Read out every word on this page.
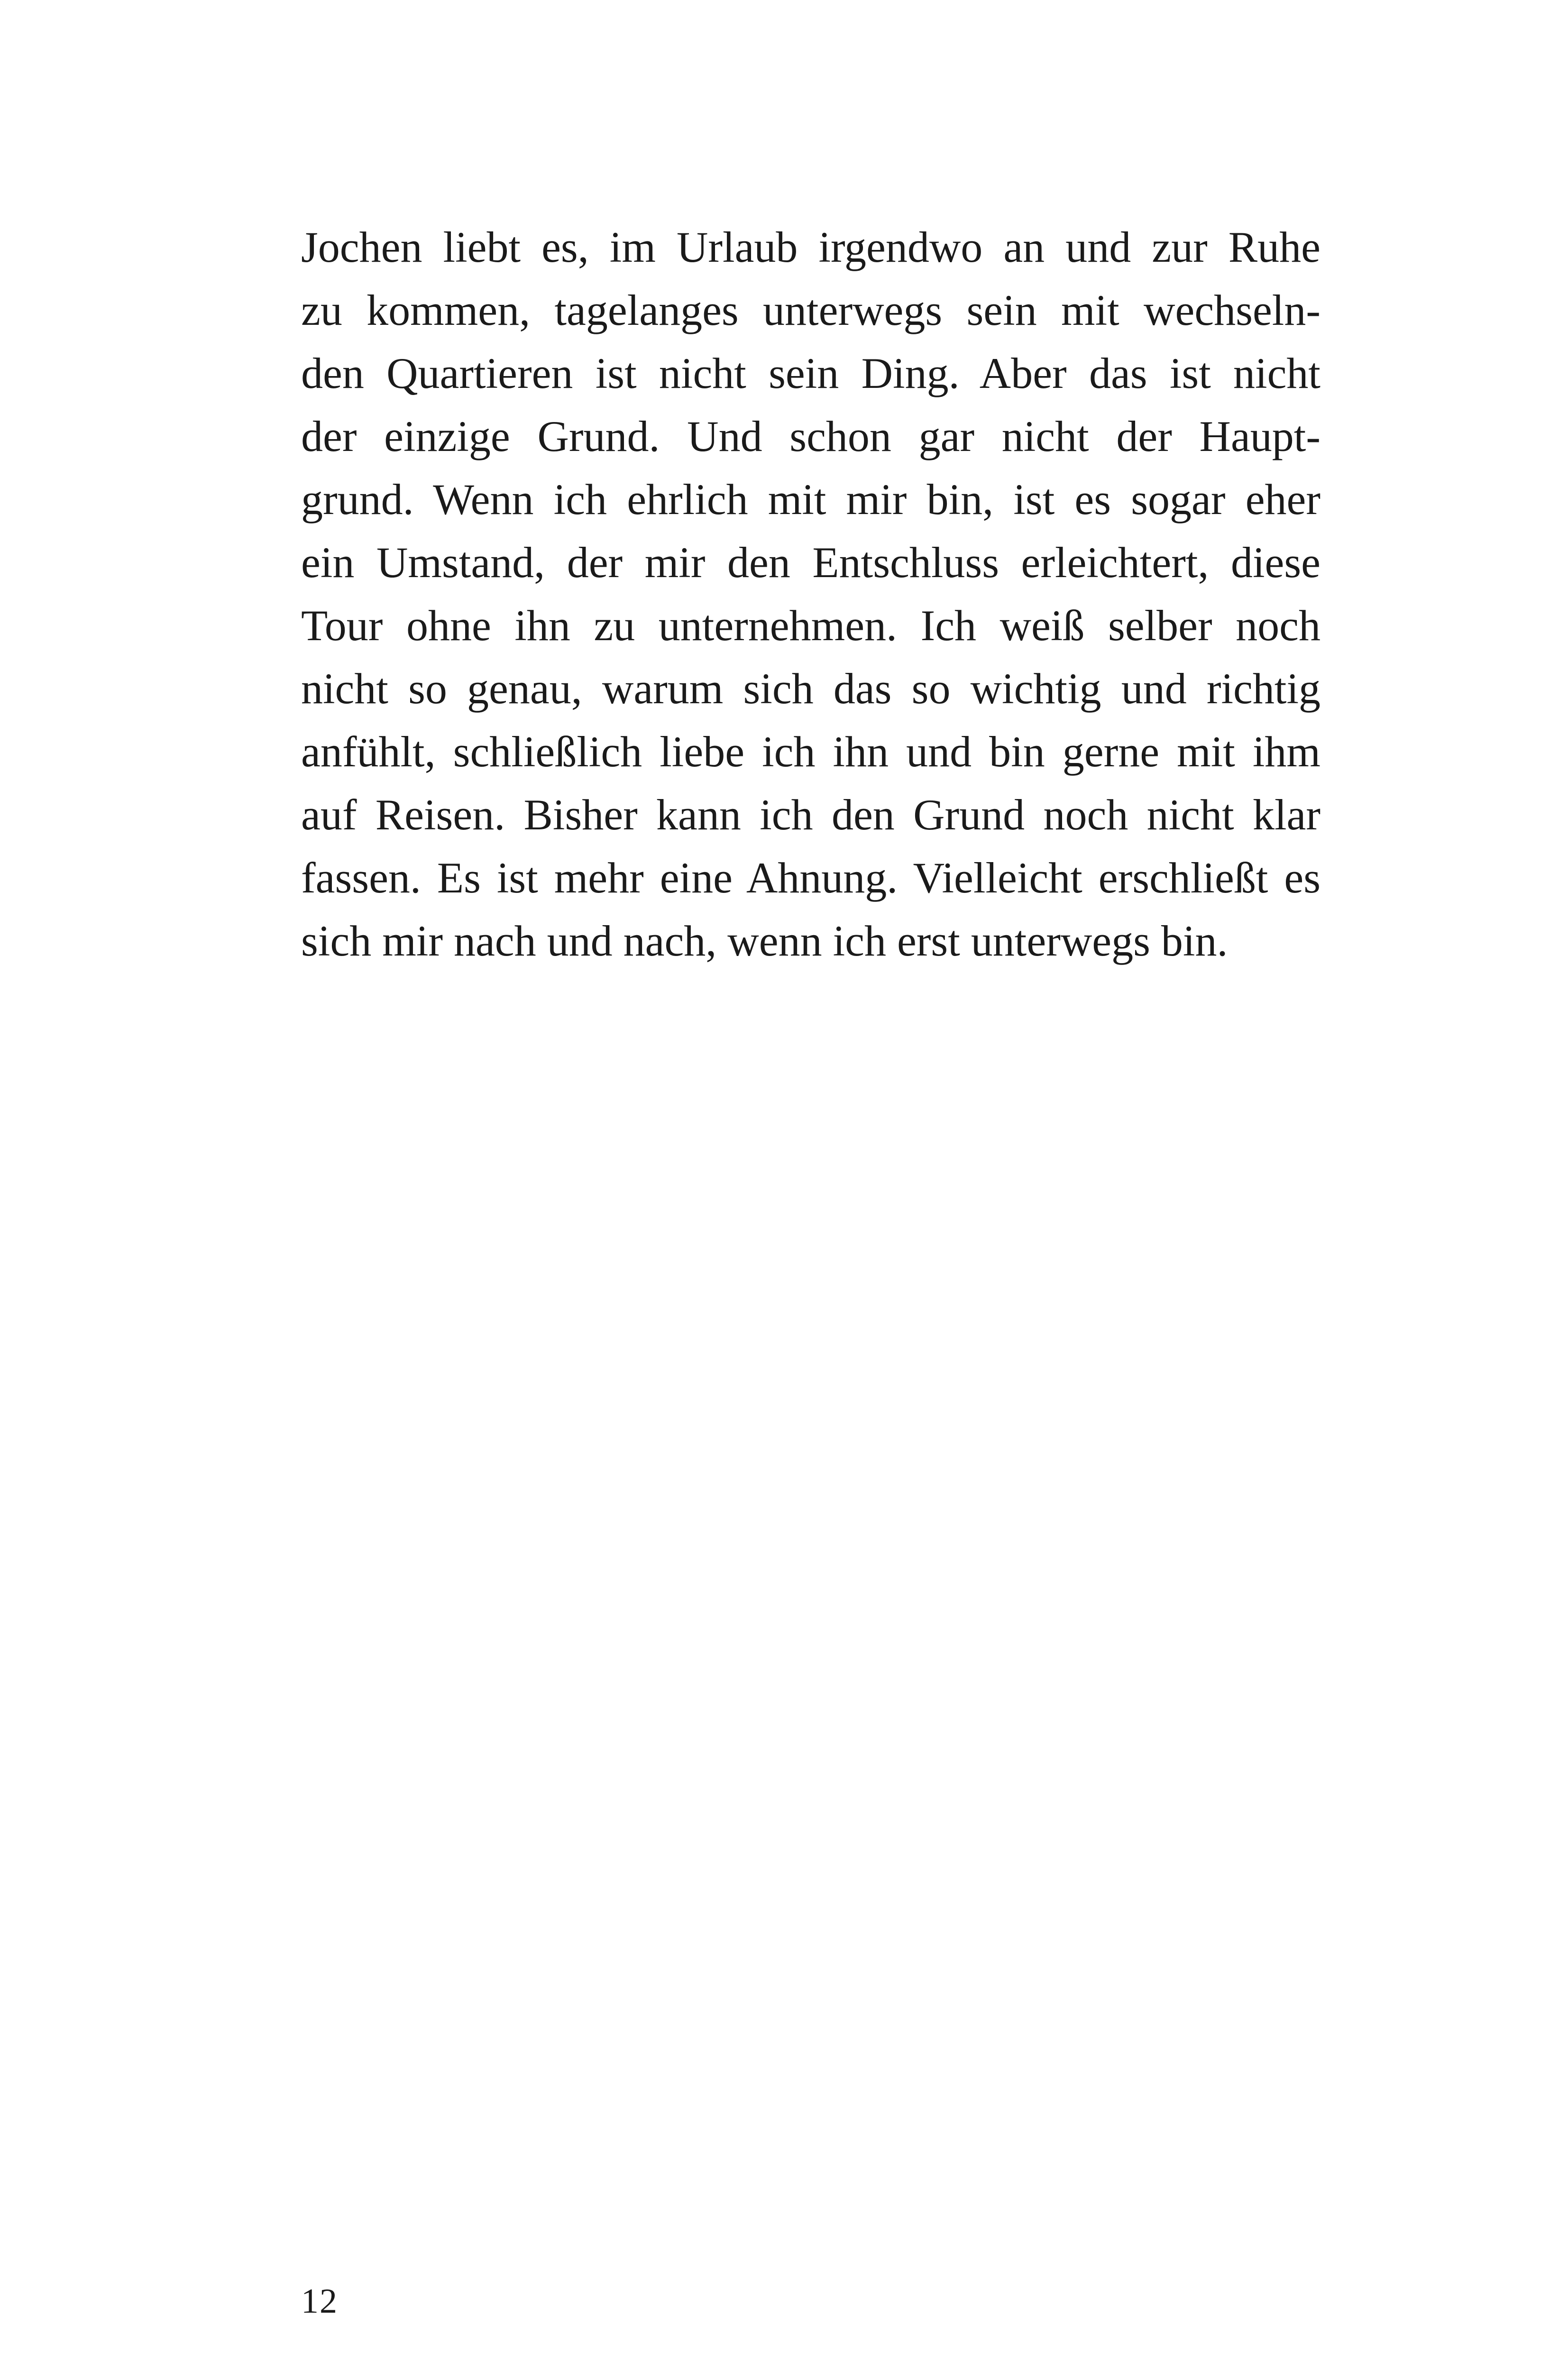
Jochen liebt es, im Urlaub irgendwo an und zur Ruhe
zu kommen, tagelanges unterwegs sein mit wechseln-
den Quartieren ist nicht sein Ding. Aber das ist nicht
der einzige Grund. Und schon gar nicht der Haupt-
grund. Wenn ich ehrlich mit mir bin, ist es sogar eher
ein Umstand, der mir den Entschluss erleichtert, diese
Tour ohne ihn zu unternehmen. Ich weiß selber noch
nicht so genau, warum sich das so wichtig und richtig
anfühlt, schließlich liebe ich ihn und bin gerne mit ihm
auf Reisen. Bisher kann ich den Grund noch nicht klar
fassen. Es ist mehr eine Ahnung. Vielleicht erschließt es
sich mir nach und nach, wenn ich erst unterwegs bin.
12
